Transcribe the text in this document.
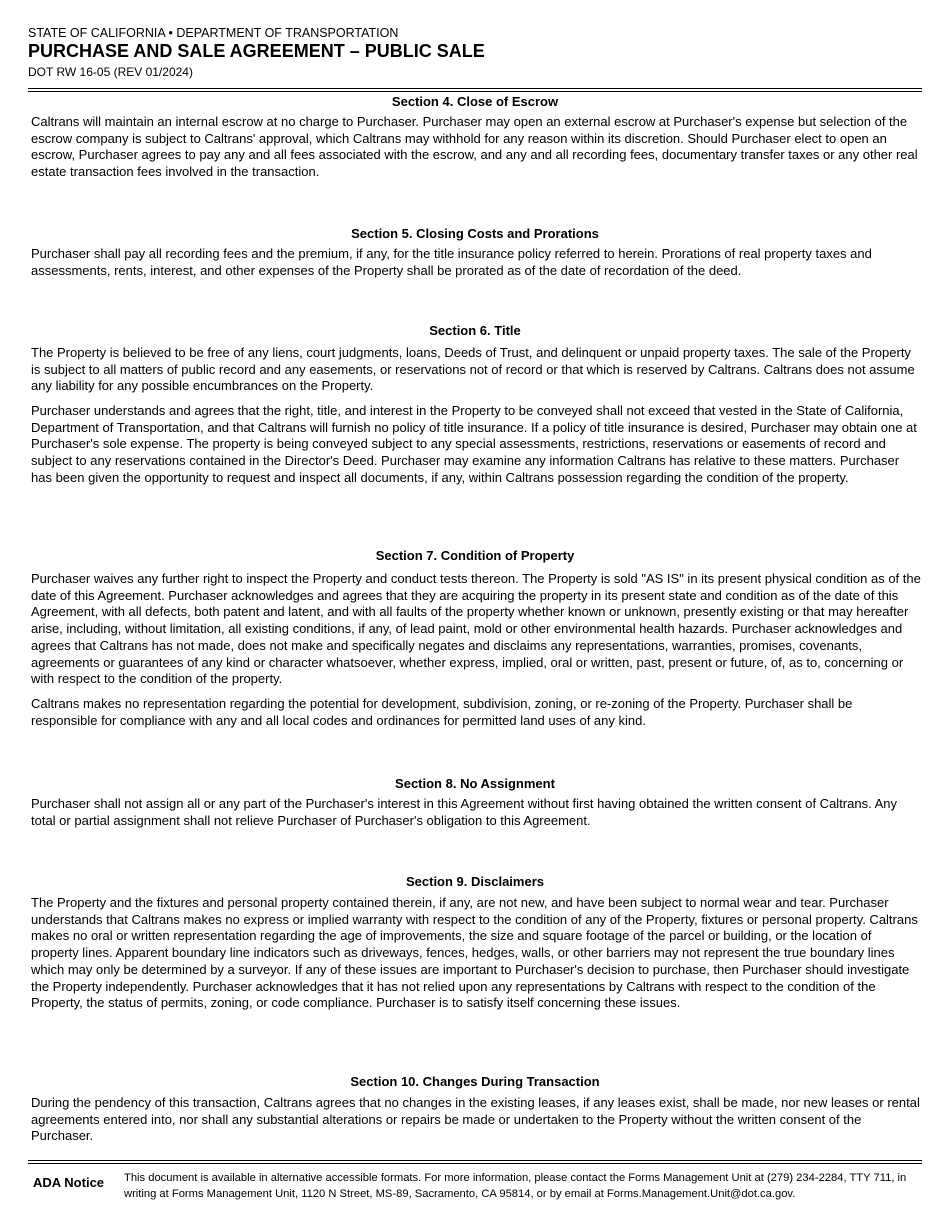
STATE OF CALIFORNIA • DEPARTMENT OF TRANSPORTATION
PURCHASE AND SALE AGREEMENT – PUBLIC SALE
DOT RW 16-05 (REV 01/2024)
Section 4. Close of Escrow
Caltrans will maintain an internal escrow at no charge to Purchaser. Purchaser may open an external escrow at Purchaser's expense but selection of the escrow company is subject to Caltrans' approval, which Caltrans may withhold for any reason within its discretion. Should Purchaser elect to open an escrow, Purchaser agrees to pay any and all fees associated with the escrow, and any and all recording fees, documentary transfer taxes or any other real estate transaction fees involved in the transaction.
Section 5. Closing Costs and Prorations
Purchaser shall pay all recording fees and the premium, if any, for the title insurance policy referred to herein. Prorations of real property taxes and assessments, rents, interest, and other expenses of the Property shall be prorated as of the date of recordation of the deed.
Section 6. Title
The Property is believed to be free of any liens, court judgments, loans, Deeds of Trust, and delinquent or unpaid property taxes. The sale of the Property is subject to all matters of public record and any easements, or reservations not of record or that which is reserved by Caltrans. Caltrans does not assume any liability for any possible encumbrances on the Property.
Purchaser understands and agrees that the right, title, and interest in the Property to be conveyed shall not exceed that vested in the State of California, Department of Transportation, and that Caltrans will furnish no policy of title insurance. If a policy of title insurance is desired, Purchaser may obtain one at Purchaser's sole expense. The property is being conveyed subject to any special assessments, restrictions, reservations or easements of record and subject to any reservations contained in the Director's Deed. Purchaser may examine any information Caltrans has relative to these matters. Purchaser has been given the opportunity to request and inspect all documents, if any, within Caltrans possession regarding the condition of the property.
Section 7. Condition of Property
Purchaser waives any further right to inspect the Property and conduct tests thereon. The Property is sold "AS IS" in its present physical condition as of the date of this Agreement. Purchaser acknowledges and agrees that they are acquiring the property in its present state and condition as of the date of this Agreement, with all defects, both patent and latent, and with all faults of the property whether known or unknown, presently existing or that may hereafter arise, including, without limitation, all existing conditions, if any, of lead paint, mold or other environmental health hazards. Purchaser acknowledges and agrees that Caltrans has not made, does not make and specifically negates and disclaims any representations, warranties, promises, covenants, agreements or guarantees of any kind or character whatsoever, whether express, implied, oral or written, past, present or future, of, as to, concerning or with respect to the condition of the property.
Caltrans makes no representation regarding the potential for development, subdivision, zoning, or re-zoning of the Property. Purchaser shall be responsible for compliance with any and all local codes and ordinances for permitted land uses of any kind.
Section 8. No Assignment
Purchaser shall not assign all or any part of the Purchaser's interest in this Agreement without first having obtained the written consent of Caltrans. Any total or partial assignment shall not relieve Purchaser of Purchaser's obligation to this Agreement.
Section 9. Disclaimers
The Property and the fixtures and personal property contained therein, if any, are not new, and have been subject to normal wear and tear. Purchaser understands that Caltrans makes no express or implied warranty with respect to the condition of any of the Property, fixtures or personal property. Caltrans makes no oral or written representation regarding the age of improvements, the size and square footage of the parcel or building, or the location of property lines. Apparent boundary line indicators such as driveways, fences, hedges, walls, or other barriers may not represent the true boundary lines which may only be determined by a surveyor. If any of these issues are important to Purchaser's decision to purchase, then Purchaser should investigate the Property independently. Purchaser acknowledges that it has not relied upon any representations by Caltrans with respect to the condition of the Property, the status of permits, zoning, or code compliance. Purchaser is to satisfy itself concerning these issues.
Section 10. Changes During Transaction
During the pendency of this transaction, Caltrans agrees that no changes in the existing leases, if any leases exist, shall be made, nor new leases or rental agreements entered into, nor shall any substantial alterations or repairs be made or undertaken to the Property without the written consent of the Purchaser.
ADA Notice This document is available in alternative accessible formats. For more information, please contact the Forms Management Unit at (279) 234-2284, TTY 711, in writing at Forms Management Unit, 1120 N Street, MS-89, Sacramento, CA 95814, or by email at Forms.Management.Unit@dot.ca.gov.
